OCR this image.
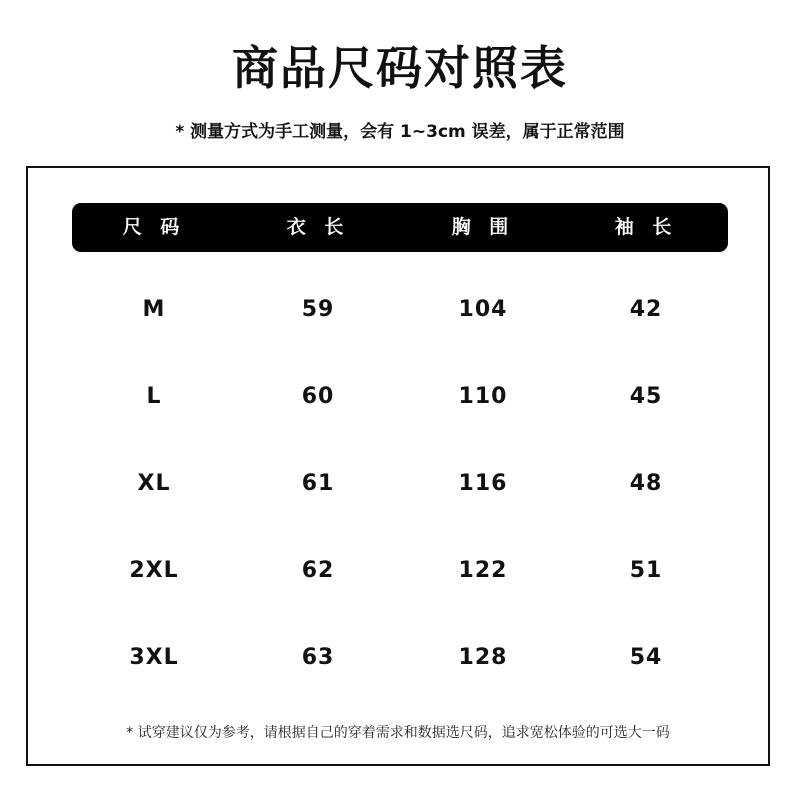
商品尺码对照表
* 测量方式为手工测量，会有 1~3cm 误差，属于正常范围
尺 码	衣 长	胸 围	袖 长
M	59	104	42
L	60	110	45
XL	61	116	48
2XL	62	122	51
3XL	63	128	54
* 试穿建议仅为参考，请根据自己的穿着需求和数据选尺码，追求宽松体验的可选大一码
